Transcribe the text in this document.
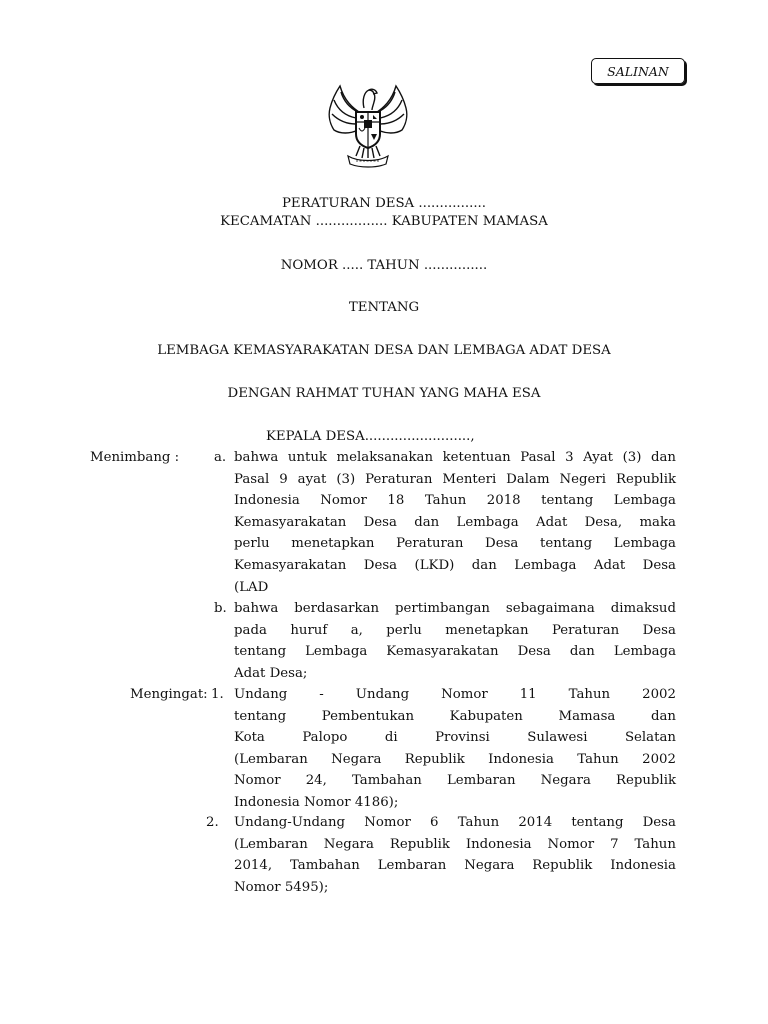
SALINAN
PERATURAN DESA ................
KECAMATAN ................. KABUPATEN MAMASA
NOMOR ..... TAHUN ...............
TENTANG
LEMBAGA KEMASYARAKATAN DESA DAN LEMBAGA ADAT DESA
DENGAN RAHMAT TUHAN YANG MAHA ESA
KEPALA DESA.........................,
Menimbang :	a. bahwa untuk melaksanakan ketentuan Pasal 3 Ayat (3) dan
Pasal 9 ayat (3) Peraturan Menteri Dalam Negeri Republik
Indonesia Nomor 18 Tahun 2018 tentang Lembaga
Kemasyarakatan Desa dan Lembaga Adat Desa, maka
perlu menetapkan Peraturan Desa tentang Lembaga
Kemasyarakatan Desa (LKD) dan Lembaga Adat Desa
(LAD
b. bahwa berdasarkan pertimbangan sebagaimana dimaksud
pada huruf a, perlu menetapkan Peraturan Desa
tentang Lembaga Kemasyarakatan Desa dan Lembaga
Adat Desa;
Mengingat: 1. Undang - Undang Nomor 11 Tahun 2002
tentang	Pembentukan	Kabupaten	Mamasa	dan
Kota	Palopo	di	Provinsi	Sulawesi	Selatan
(Lembaran Negara Republik Indonesia Tahun 2002
Nomor 24, Tambahan Lembaran Negara Republik
Indonesia Nomor 4186);
2. Undang-Undang Nomor 6 Tahun 2014 tentang Desa
(Lembaran Negara Republik Indonesia Nomor 7 Tahun
2014, Tambahan Lembaran Negara Republik Indonesia
Nomor 5495);
